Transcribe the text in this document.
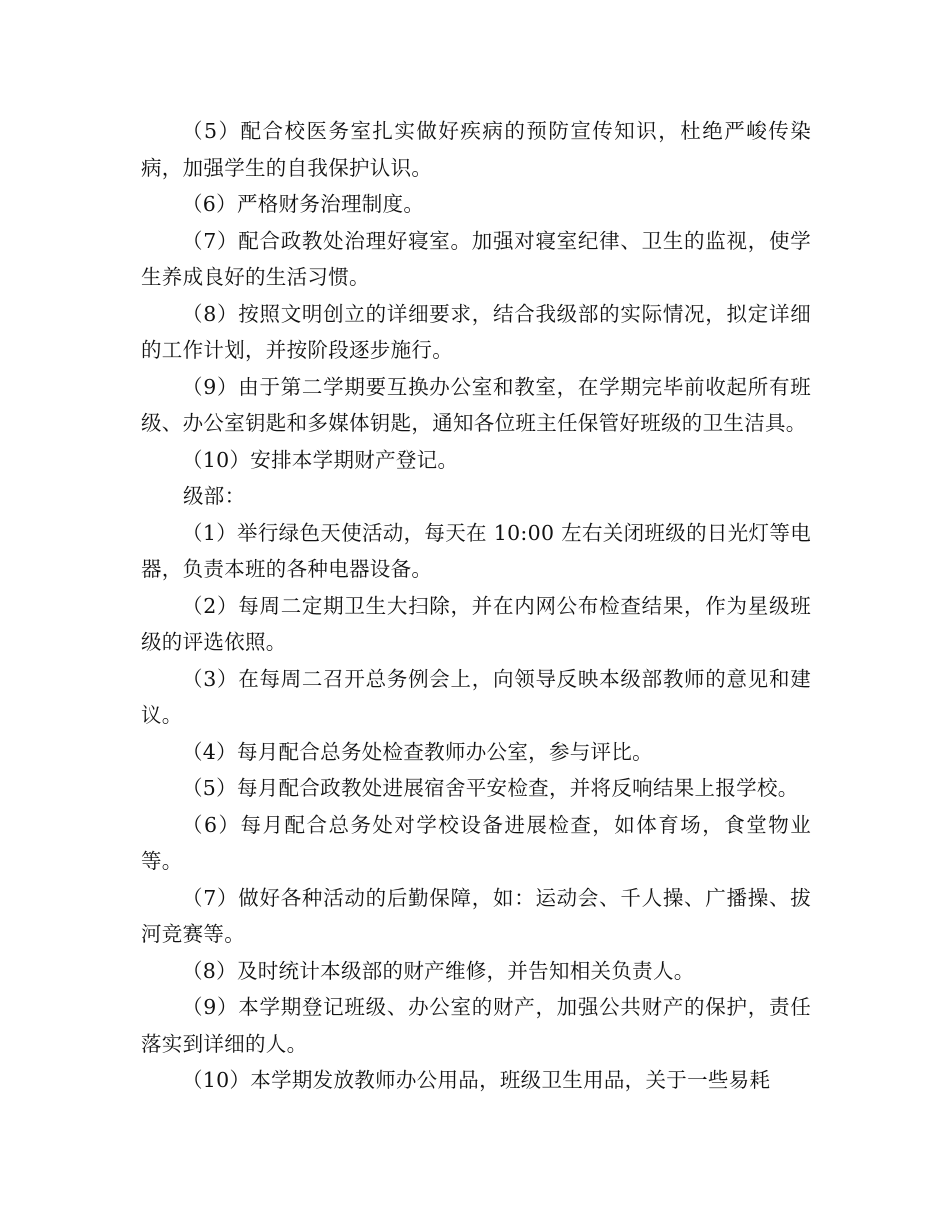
（5）配合校医务室扎实做好疾病的预防宣传知识，杜绝严峻传染病，加强学生的自我保护认识。

（6）严格财务治理制度。

（7）配合政教处治理好寝室。加强对寝室纪律、卫生的监视，使学生养成良好的生活习惯。

（8）按照文明创立的详细要求，结合我级部的实际情况，拟定详细的工作计划，并按阶段逐步施行。

（9）由于第二学期要互换办公室和教室，在学期完毕前收起所有班级、办公室钥匙和多媒体钥匙，通知各位班主任保管好班级的卫生洁具。

（10）安排本学期财产登记。

级部：

（1）举行绿色天使活动，每天在 10:00 左右关闭班级的日光灯等电器，负责本班的各种电器设备。

（2）每周二定期卫生大扫除，并在内网公布检查结果，作为星级班级的评选依照。

（3）在每周二召开总务例会上，向领导反映本级部教师的意见和建议。

（4）每月配合总务处检查教师办公室，参与评比。

（5）每月配合政教处进展宿舍平安检查，并将反响结果上报学校。

（6）每月配合总务处对学校设备进展检查，如体育场，食堂物业等。

（7）做好各种活动的后勤保障，如：运动会、千人操、广播操、拔河竞赛等。

（8）及时统计本级部的财产维修，并告知相关负责人。

（9）本学期登记班级、办公室的财产，加强公共财产的保护，责任落实到详细的人。

（10）本学期发放教师办公用品，班级卫生用品，关于一些易耗
